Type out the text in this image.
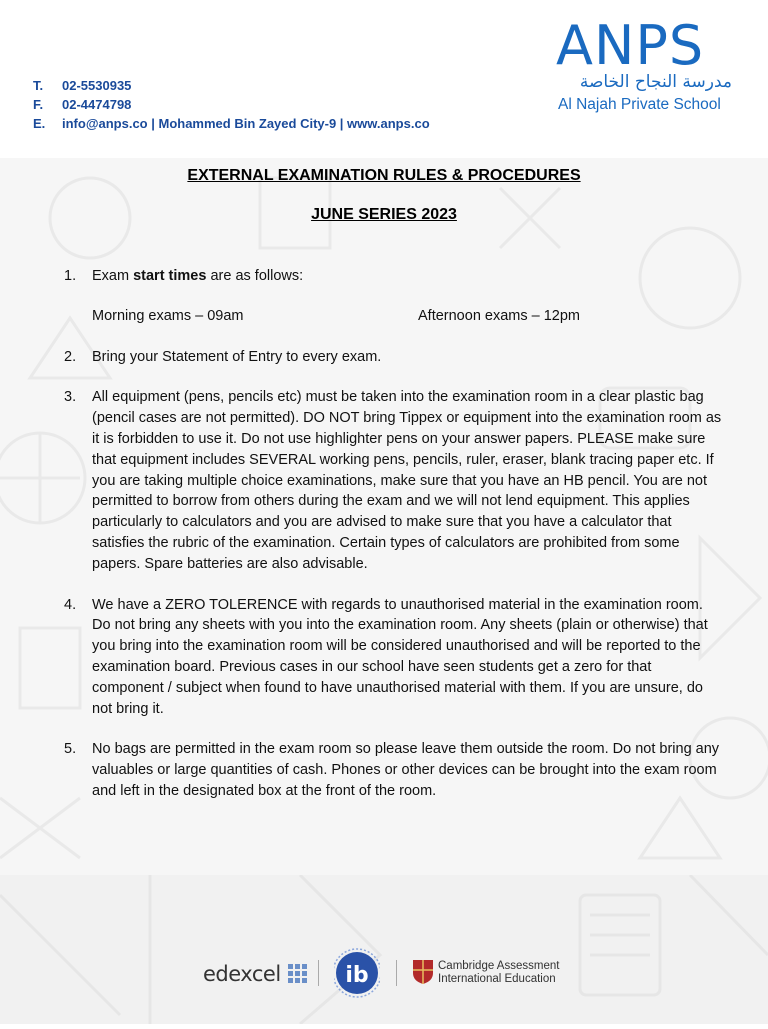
T.	02-5530935
F.	02-4474798
E.	info@anps.co | Mohammed Bin Zayed City-9 | www.anps.co
ANPS
مدرسة النجاح الخاصة
Al Najah Private School
EXTERNAL EXAMINATION RULES & PROCEDURES
JUNE SERIES 2023
1.	Exam start times are as follows:
Morning exams – 09am	Afternoon exams – 12pm
2.	Bring your Statement of Entry to every exam.
3.	All equipment (pens, pencils etc) must be taken into the examination room in a clear plastic bag (pencil cases are not permitted). DO NOT bring Tippex or equipment into the examination room as it is forbidden to use it. Do not use highlighter pens on your answer papers. PLEASE make sure that equipment includes SEVERAL working pens, pencils, ruler, eraser, blank tracing paper etc. If you are taking multiple choice examinations, make sure that you have an HB pencil. You are not permitted to borrow from others during the exam and we will not lend equipment. This applies particularly to calculators and you are advised to make sure that you have a calculator that satisfies the rubric of the examination. Certain types of calculators are prohibited from some papers. Spare batteries are also advisable.
4.	We have a ZERO TOLERENCE with regards to unauthorised material in the examination room. Do not bring any sheets with you into the examination room. Any sheets (plain or otherwise) that you bring into the examination room will be considered unauthorised and will be reported to the examination board. Previous cases in our school have seen students get a zero for that component / subject when found to have unauthorised material with them. If you are unsure, do not bring it.
5.	No bags are permitted in the exam room so please leave them outside the room. Do not bring any valuables or large quantities of cash. Phones or other devices can be brought into the exam room and left in the designated box at the front of the room.
edexcel	ib	Cambridge Assessment
International Education
